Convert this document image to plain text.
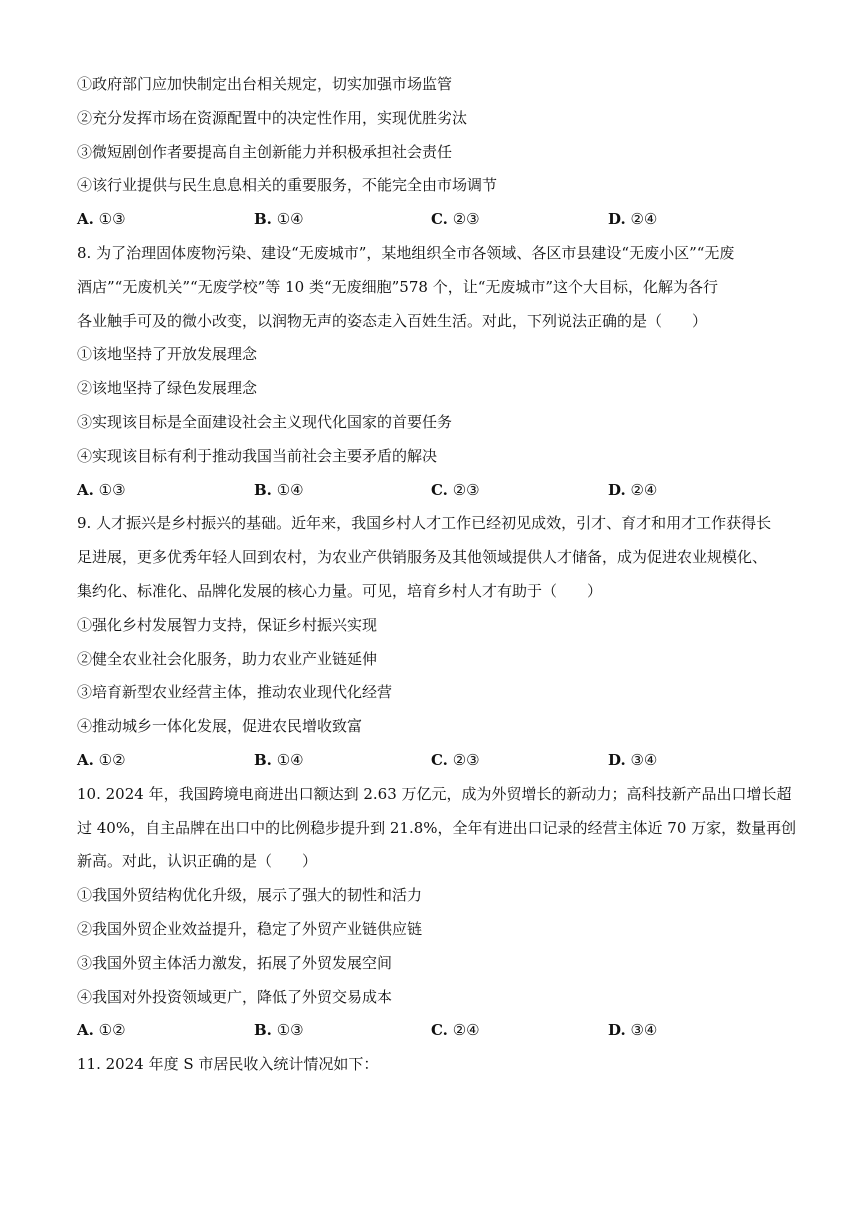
①政府部门应加快制定出台相关规定，切实加强市场监管
②充分发挥市场在资源配置中的决定性作用，实现优胜劣汰
③微短剧创作者要提高自主创新能力并积极承担社会责任
④该行业提供与民生息息相关的重要服务，不能完全由市场调节
A. ①③	B. ①④	C. ②③	D. ②④
8. 为了治理固体废物污染、建设“无废城市”，某地组织全市各领域、各区市县建设“无废小区”“无废
酒店”“无废机关”“无废学校”等 10 类“无废细胞”578 个，让“无废城市”这个大目标，化解为各行
各业触手可及的微小改变，以润物无声的姿态走入百姓生活。对此，下列说法正确的是（　　）
①该地坚持了开放发展理念
②该地坚持了绿色发展理念
③实现该目标是全面建设社会主义现代化国家的首要任务
④实现该目标有利于推动我国当前社会主要矛盾的解决
A. ①③	B. ①④	C. ②③	D. ②④
9. 人才振兴是乡村振兴的基础。近年来，我国乡村人才工作已经初见成效，引才、育才和用才工作获得长
足进展，更多优秀年轻人回到农村，为农业产供销服务及其他领域提供人才储备，成为促进农业规模化、
集约化、标准化、品牌化发展的核心力量。可见，培育乡村人才有助于（　　）
①强化乡村发展智力支持，保证乡村振兴实现
②健全农业社会化服务，助力农业产业链延伸
③培育新型农业经营主体，推动农业现代化经营
④推动城乡一体化发展，促进农民增收致富
A. ①②	B. ①④	C. ②③	D. ③④
10. 2024 年，我国跨境电商进出口额达到 2.63 万亿元，成为外贸增长的新动力；高科技新产品出口增长超
过 40%，自主品牌在出口中的比例稳步提升到 21.8%，全年有进出口记录的经营主体近 70 万家，数量再创
新高。对此，认识正确的是（　　）
①我国外贸结构优化升级，展示了强大的韧性和活力
②我国外贸企业效益提升，稳定了外贸产业链供应链
③我国外贸主体活力激发，拓展了外贸发展空间
④我国对外投资领域更广，降低了外贸交易成本
A. ①②	B. ①③	C. ②④	D. ③④
11. 2024 年度 S 市居民收入统计情况如下：
